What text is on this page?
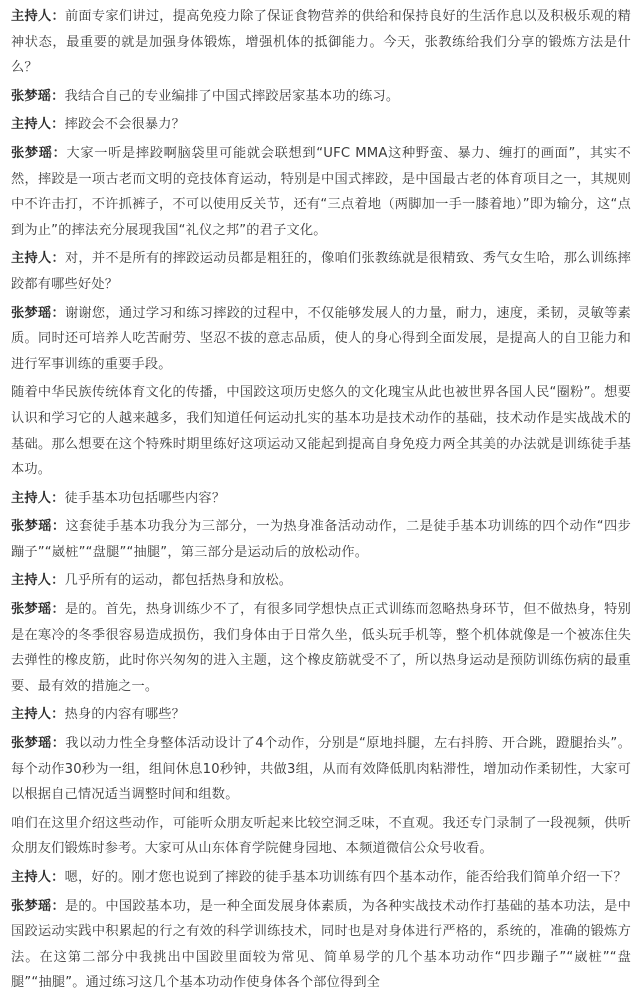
主持人：前面专家们讲过，提高免疫力除了保证食物营养的供给和保持良好的生活作息以及积极乐观的精神状态，最重要的就是加强身体锻炼，增强机体的抵御能力。今天，张教练给我们分享的锻炼方法是什么？

张梦瑶：我结合自己的专业编排了中国式摔跤居家基本功的练习。

主持人：摔跤会不会很暴力？

张梦瑶：大家一听是摔跤啊脑袋里可能就会联想到“UFC MMA这种野蛮、暴力、缠打的画面”，其实不然，摔跤是一项古老而文明的竞技体育运动，特别是中国式摔跤，是中国最古老的体育项目之一，其规则中不许击打，不许抓裤子，不可以使用反关节，还有“三点着地（两脚加一手一膝着地）”即为输分，这“点到为止”的摔法充分展现我国“礼仪之邦”的君子文化。

主持人：对，并不是所有的摔跤运动员都是粗狂的，像咱们张教练就是很精致、秀气女生哈，那么训练摔跤都有哪些好处？

张梦瑶：谢谢您，通过学习和练习摔跤的过程中，不仅能够发展人的力量，耐力，速度，柔韧，灵敏等素质。同时还可培养人吃苦耐劳、坚忍不拔的意志品质，使人的身心得到全面发展，是提高人的自卫能力和进行军事训练的重要手段。

随着中华民族传统体育文化的传播，中国跤这项历史悠久的文化瑰宝从此也被世界各国人民“圈粉”。想要认识和学习它的人越来越多，我们知道任何运动扎实的基本功是技术动作的基础，技术动作是实战战术的基础。那么想要在这个特殊时期里练好这项运动又能起到提高自身免疫力两全其美的办法就是训练徒手基本功。

主持人：徒手基本功包括哪些内容？

张梦瑶：这套徒手基本功我分为三部分，一为热身准备活动动作，二是徒手基本功训练的四个动作“四步蹦子”“崴桩”“盘腿”“抽腿”，第三部分是运动后的放松动作。

主持人：几乎所有的运动，都包括热身和放松。

张梦瑶：是的。首先，热身训练少不了，有很多同学想快点正式训练而忽略热身环节，但不做热身，特别是在寒冷的冬季很容易造成损伤，我们身体由于日常久坐，低头玩手机等，整个机体就像是一个被冻住失去弹性的橡皮筋，此时你兴匆匆的进入主题，这个橡皮筋就受不了，所以热身运动是预防训练伤病的最重要、最有效的措施之一。

主持人：热身的内容有哪些？

张梦瑶：我以动力性全身整体活动设计了4个动作，分别是“原地抖腿，左右抖胯、开合跳，蹬腿抬头”。每个动作30秒为一组，组间休息10秒钟，共做3组，从而有效降低肌肉粘滞性，增加动作柔韧性，大家可以根据自己情况适当调整时间和组数。

咱们在这里介绍这些动作，可能听众朋友听起来比较空洞乏味，不直观。我还专门录制了一段视频，供听众朋友们锻炼时参考。大家可从山东体育学院健身园地、本频道微信公众号收看。

主持人：嗯，好的。刚才您也说到了摔跤的徒手基本功训练有四个基本动作，能否给我们简单介绍一下？

张梦瑶：是的。中国跤基本功，是一种全面发展身体素质，为各种实战技术动作打基础的基本功法，是中国跤运动实践中积累起的行之有效的科学训练技术，同时也是对身体进行严格的，系统的，准确的锻炼方法。在这第二部分中我挑出中国跤里面较为常见、简单易学的几个基本功动作“四步蹦子”“崴桩”“盘腿”“抽腿”。通过练习这几个基本功动作使身体各个部位得到全
